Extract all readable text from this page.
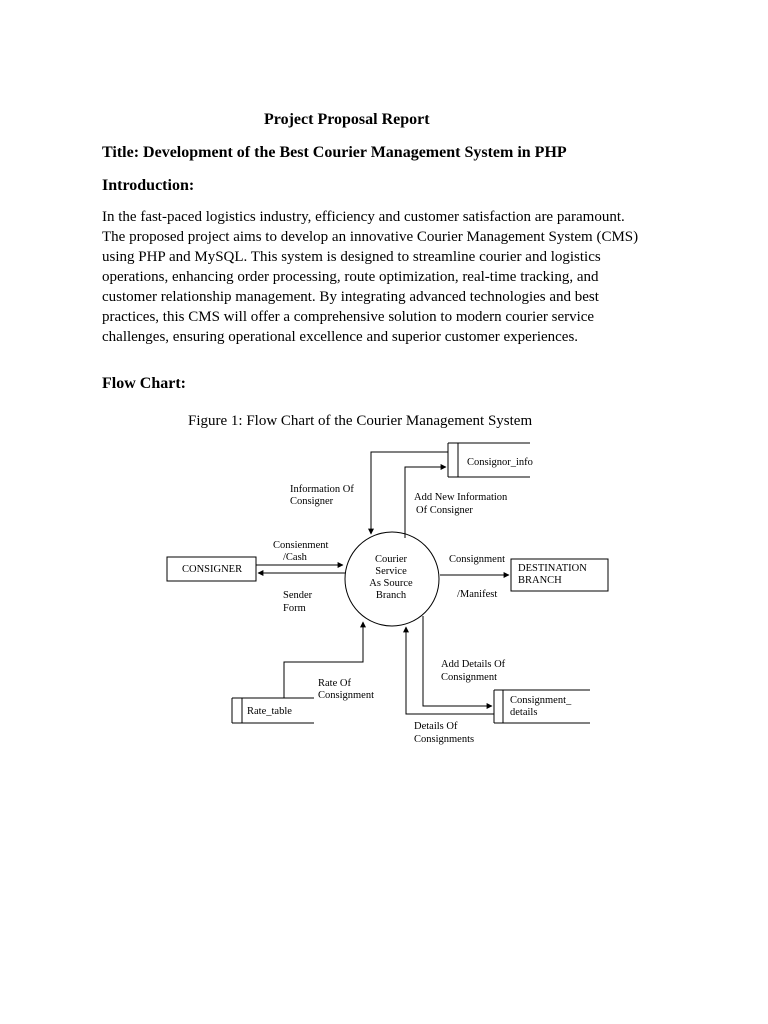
Project Proposal Report
Title: Development of the Best Courier Management System in PHP
Introduction:

In the fast-paced logistics industry, efficiency and customer satisfaction are paramount.
The proposed project aims to develop an innovative Courier Management System (CMS)
using PHP and MySQL. This system is designed to streamline courier and logistics
operations, enhancing order processing, route optimization, real-time tracking, and
customer relationship management. By integrating advanced technologies and best
practices, this CMS will offer a comprehensive solution to modern courier service
challenges, ensuring operational excellence and superior customer experiences.

Flow Chart:

Figure 1: Flow Chart of the Courier Management System

Courier
Service
As Source
Branch
CONSIGNER	DESTINATION
BRANCH
Consignor_info
Rate_table
Consignment_
details
Information Of
Consigner	Add New Information
Of Consigner
Consienment
/Cash
Sender
Form
Consignment
/Manifest
Add Details Of
Consignment
Rate Of
Consignment
Details Of
Consignments
